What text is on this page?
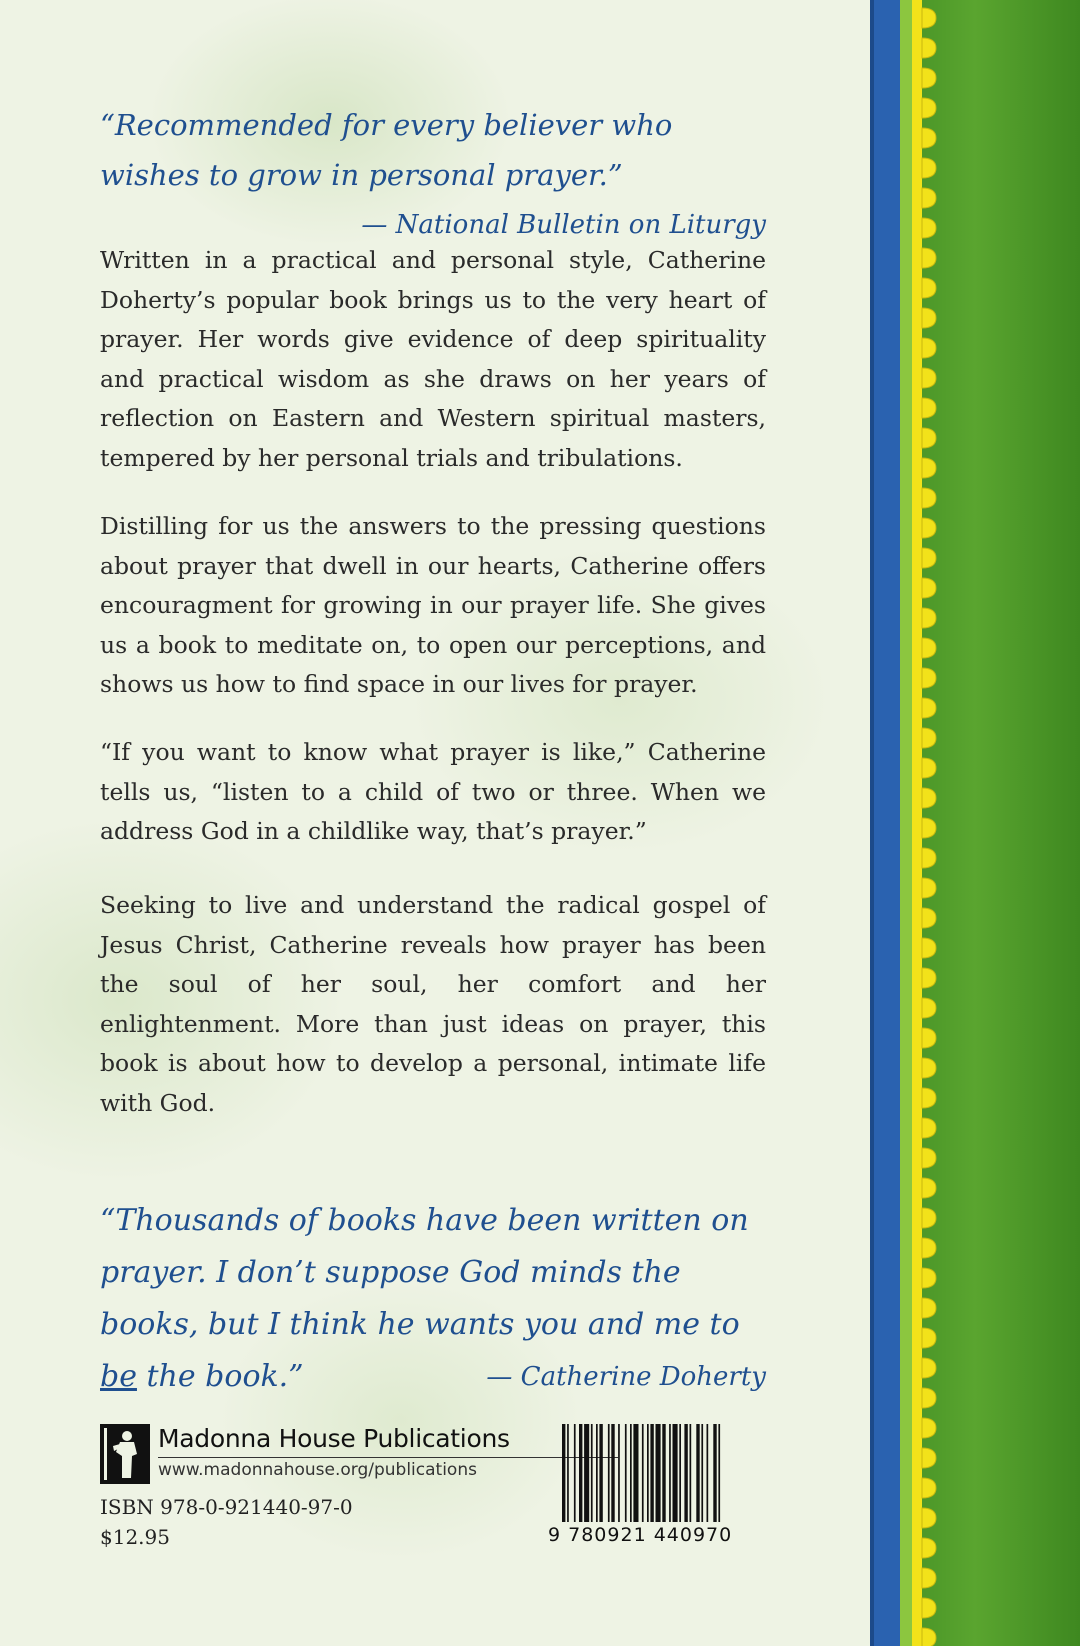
“Recommended for every believer who wishes to grow in personal prayer.”
— National Bulletin on Liturgy

Written in a practical and personal style, Catherine Doherty’s popular book brings us to the very heart of prayer. Her words give evidence of deep spirituality and practical wisdom as she draws on her years of reflection on Eastern and Western spiritual masters, tempered by her personal trials and tribulations.

Distilling for us the answers to the pressing questions about prayer that dwell in our hearts, Catherine offers encouragment for growing in our prayer life. She gives us a book to meditate on, to open our perceptions, and shows us how to find space in our lives for prayer.

“If you want to know what prayer is like,” Catherine tells us, “listen to a child of two or three. When we address God in a childlike way, that’s prayer.”

Seeking to live and understand the radical gospel of Jesus Christ, Catherine reveals how prayer has been the soul of her soul, her comfort and her enlightenment. More than just ideas on prayer, this book is about how to develop a personal, intimate life with God.

“Thousands of books have been written on prayer. I don’t suppose God minds the books, but I think he wants you and me to be the book.”	— Catherine Doherty
Madonna House Publications
www.madonnahouse.org/publications
ISBN 978-0-921440-97-0
$12.95	9 780921 440970
